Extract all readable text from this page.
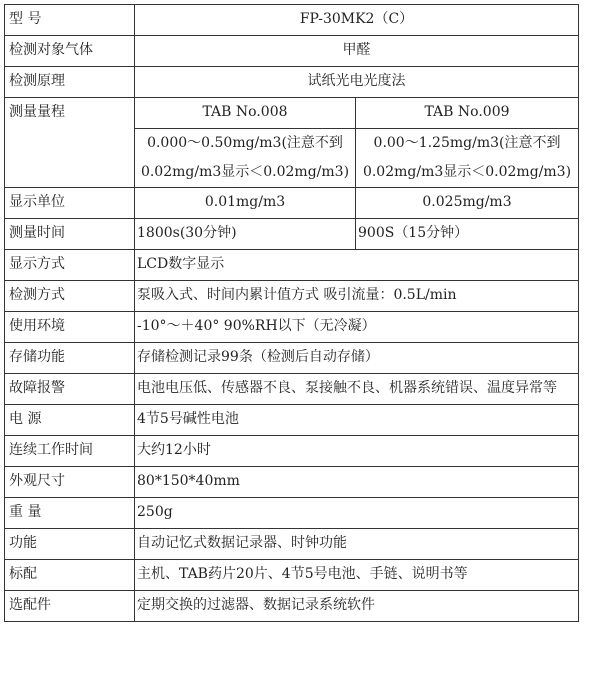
型 号	FP-30MK2（C）	
检测对象气体	甲醛	
检测原理	试纸光电光度法	
测量量程	TAB No.008	TAB No.009
	0.000～0.50mg/m3(注意不到0.02mg/m3显示＜0.02mg/m3)	0.00～1.25mg/m3(注意不到0.02mg/m3显示＜0.02mg/m3)
显示单位	0.01mg/m3	0.025mg/m3
测量时间	1800s(30分钟)	900S（15分钟）
显示方式	LCD数字显示	
检测方式	泵吸入式、时间内累计值方式 吸引流量：0.5L/min	
使用环境	-10°～＋40° 90%RH以下（无冷凝）	
存储功能	存储检测记录99条（检测后自动存储）	
故障报警	电池电压低、传感器不良、泵接触不良、机器系统错误、温度异常等	
电 源	4节5号碱性电池	
连续工作时间	大约12小时	
外观尺寸	80*150*40mm	
重 量	250g	
功能	自动记忆式数据记录器、时钟功能	
标配	主机、TAB药片20片、4节5号电池、手链、说明书等	
选配件	定期交换的过滤器、数据记录系统软件	
